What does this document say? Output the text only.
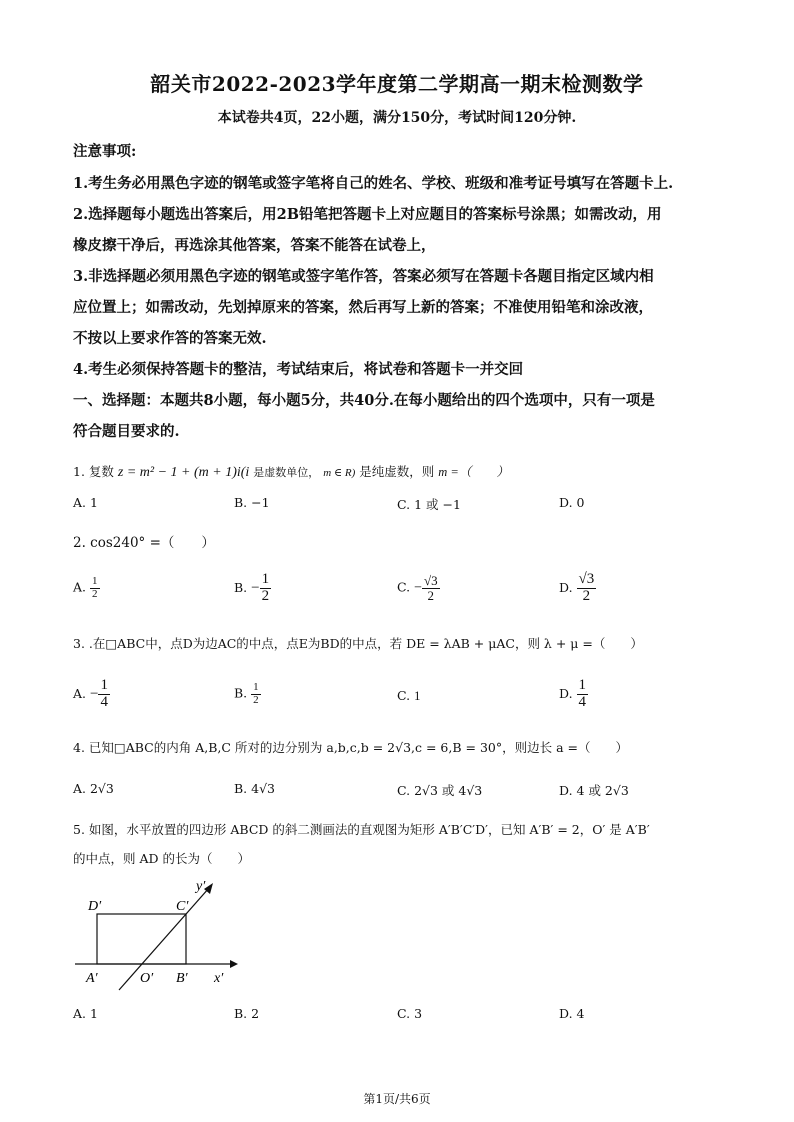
韶关市2022-2023学年度第二学期高一期末检测数学
本试卷共4页，22小题，满分150分，考试时间120分钟.
注意事项:
1.考生务必用黑色字迹的钢笔或签字笔将自己的姓名、学校、班级和准考证号填写在答题卡上.
2.选择题每小题选出答案后，用2B铅笔把答题卡上对应题目的答案标号涂黑；如需改动，用
橡皮擦干净后，再选涂其他答案，答案不能答在试卷上，
3.非选择题必须用黑色字迹的钢笔或签字笔作答，答案必须写在答题卡各题目指定区域内相
应位置上；如需改动，先划掉原来的答案，然后再写上新的答案；不准使用铅笔和涂改液，
不按以上要求作答的答案无效.
4.考生必须保持答题卡的整洁，考试结束后，将试卷和答题卡一并交回
一、选择题：本题共8小题，每小题5分，共40分.在每小题给出的四个选项中，只有一项是
符合题目要求的.
1. 复数 z = m² − 1 + (m + 1)i(i 是虚数单位， m ∈ R) 是纯虚数，则 m =（　　）
A. 1	B. −1	C. 1 或 −1	D. 0
2. cos240° =（　　）
A. $\frac{1}{2}$	B. − $\frac{1}{2}$	C. − $\frac{√3}{2}$	D. $\frac{√3}{2}$
3. .在□ABC中，点D为边AC的中点，点E为BD的中点，若 DE = λAB + μAC，则 λ + μ =（　　）
A. − $\frac{1}{4}$	B. $\frac{1}{2}$	C. 1	D. $\frac{1}{4}$
4. 已知□ABC的内角 A,B,C 所对的边分别为 a,b,c,b = 2√3,c = 6,B = 30°，则边长 a =（　　）
A. 2√3	B. 4√3	C. 2√3 或 4√3	D. 4 或 2√3
5. 如图，水平放置的四边形 ABCD 的斜二测画法的直观图为矩形 A′B′C′D′，已知 A′B′ = 2，O′ 是 A′B′
的中点，则 AD 的长为（　　）
D′	C′
A′	O′ B′ x′
y′
A. 1	B. 2	C. 3	D. 4
第1页/共6页
